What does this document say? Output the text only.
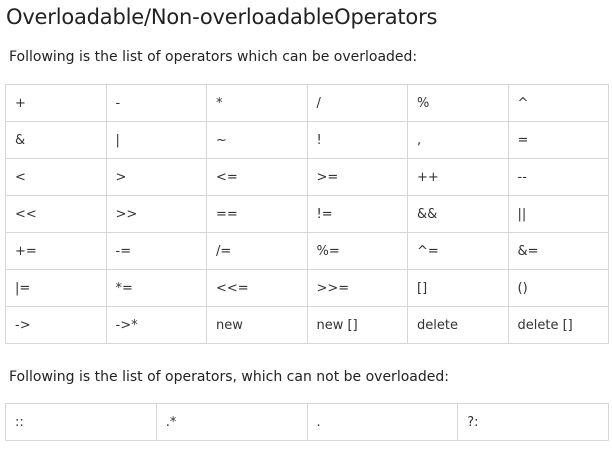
Overloadable/Non-overloadableOperators

Following is the list of operators which can be overloaded:

+	-	*	/	%	^
&	|	~	!	,	=
<	>	<=	>=	++	--
<<	>>	==	!=	&&	||
+=	-=	/=	%=	^=	&=
|=	*=	<<=	>>=	[]	()
->	->*	new	new []	delete	delete []

Following is the list of operators, which can not be overloaded:

::	.*	.	?:
